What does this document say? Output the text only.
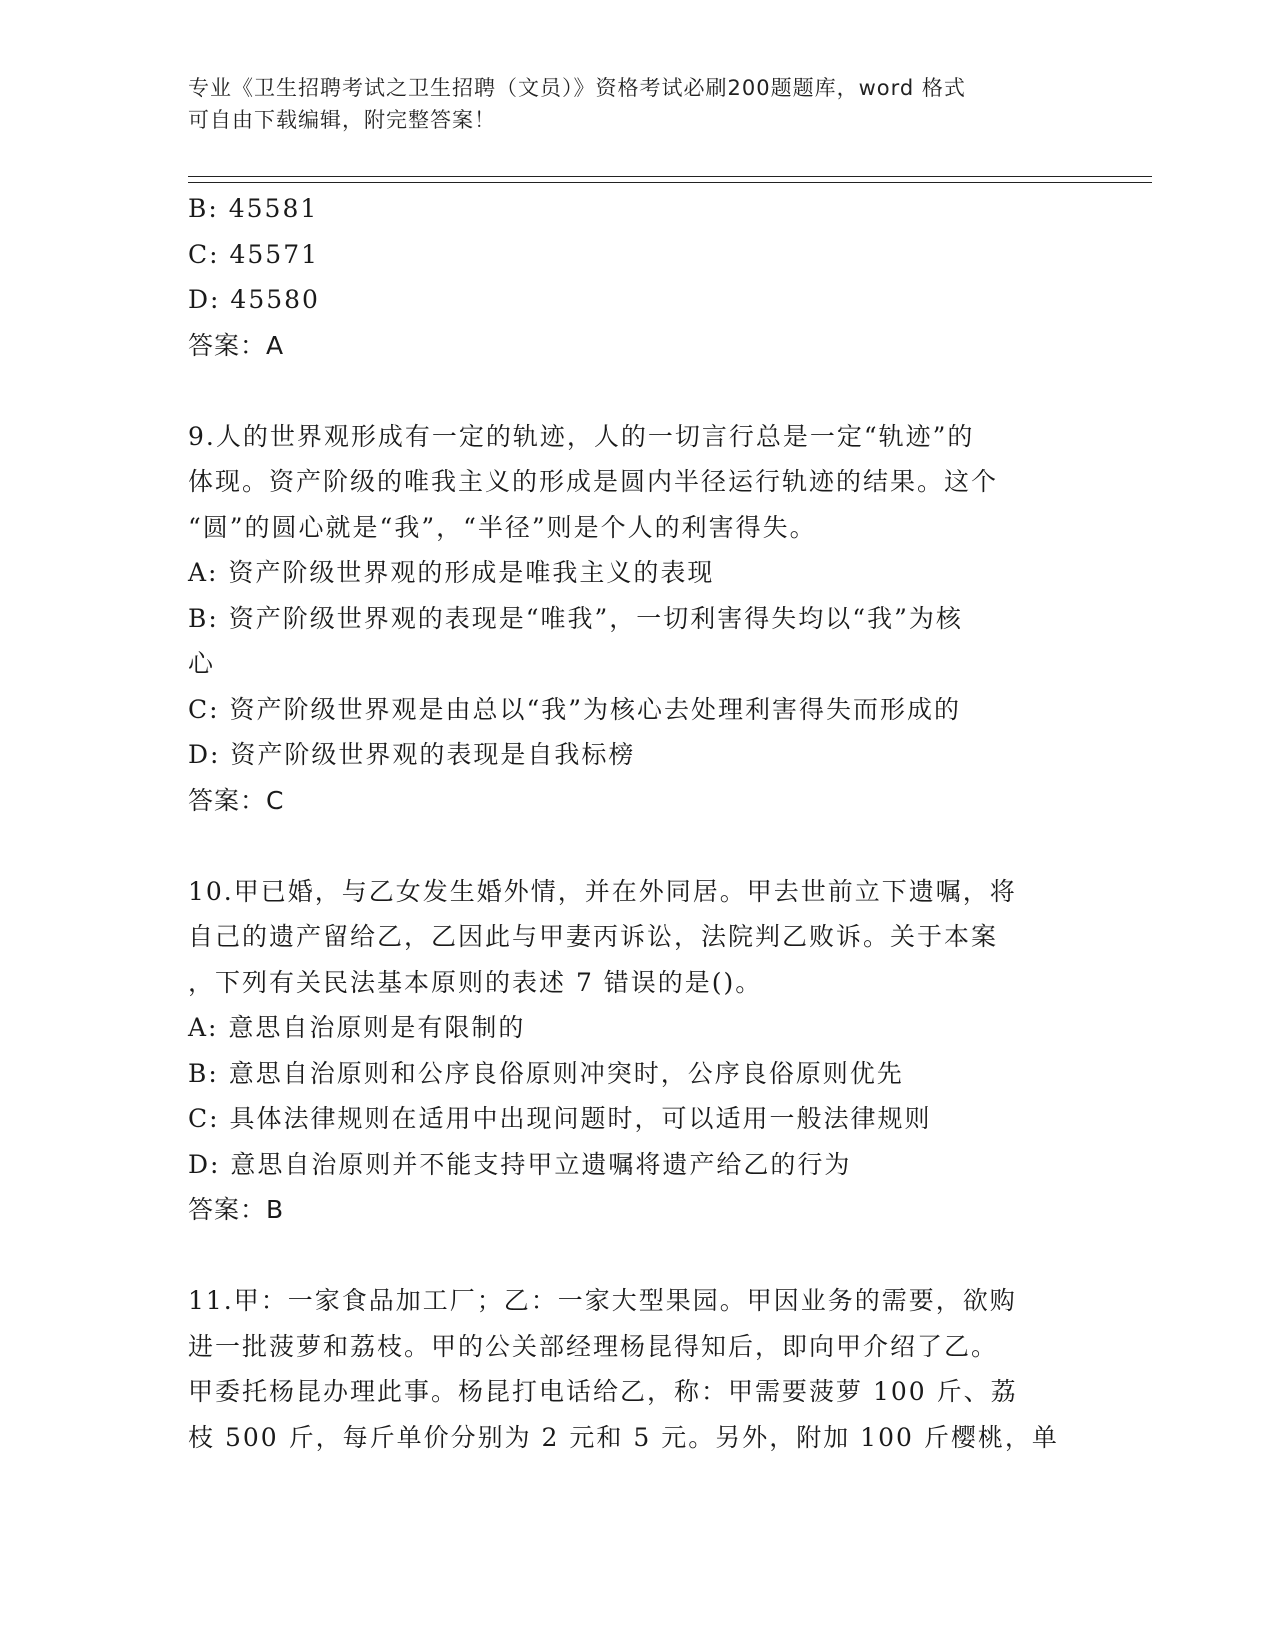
专业《卫生招聘考试之卫生招聘（文员）》资格考试必刷200题题库，word 格式
可自由下载编辑，附完整答案！
B: 45581
C: 45571
D: 45580
答案：A
9.人的世界观形成有一定的轨迹，人的一切言行总是一定“轨迹”的
体现。资产阶级的唯我主义的形成是圆内半径运行轨迹的结果。这个
“圆”的圆心就是“我”，“半径”则是个人的利害得失。
A: 资产阶级世界观的形成是唯我主义的表现
B: 资产阶级世界观的表现是“唯我”，一切利害得失均以“我”为核
心
C: 资产阶级世界观是由总以“我”为核心去处理利害得失而形成的
D: 资产阶级世界观的表现是自我标榜
答案：C
10.甲已婚，与乙女发生婚外情，并在外同居。甲去世前立下遗嘱，将
自己的遗产留给乙，乙因此与甲妻丙诉讼，法院判乙败诉。关于本案
，下列有关民法基本原则的表述 7 错误的是()。
A: 意思自治原则是有限制的
B: 意思自治原则和公序良俗原则冲突时，公序良俗原则优先
C: 具体法律规则在适用中出现问题时，可以适用一般法律规则
D: 意思自治原则并不能支持甲立遗嘱将遗产给乙的行为
答案：B
11.甲：一家食品加工厂；乙：一家大型果园。甲因业务的需要，欲购
进一批菠萝和荔枝。甲的公关部经理杨昆得知后，即向甲介绍了乙。
甲委托杨昆办理此事。杨昆打电话给乙，称：甲需要菠萝 100 斤、荔
枝 500 斤，每斤单价分别为 2 元和 5 元。另外，附加 100 斤樱桃，单
